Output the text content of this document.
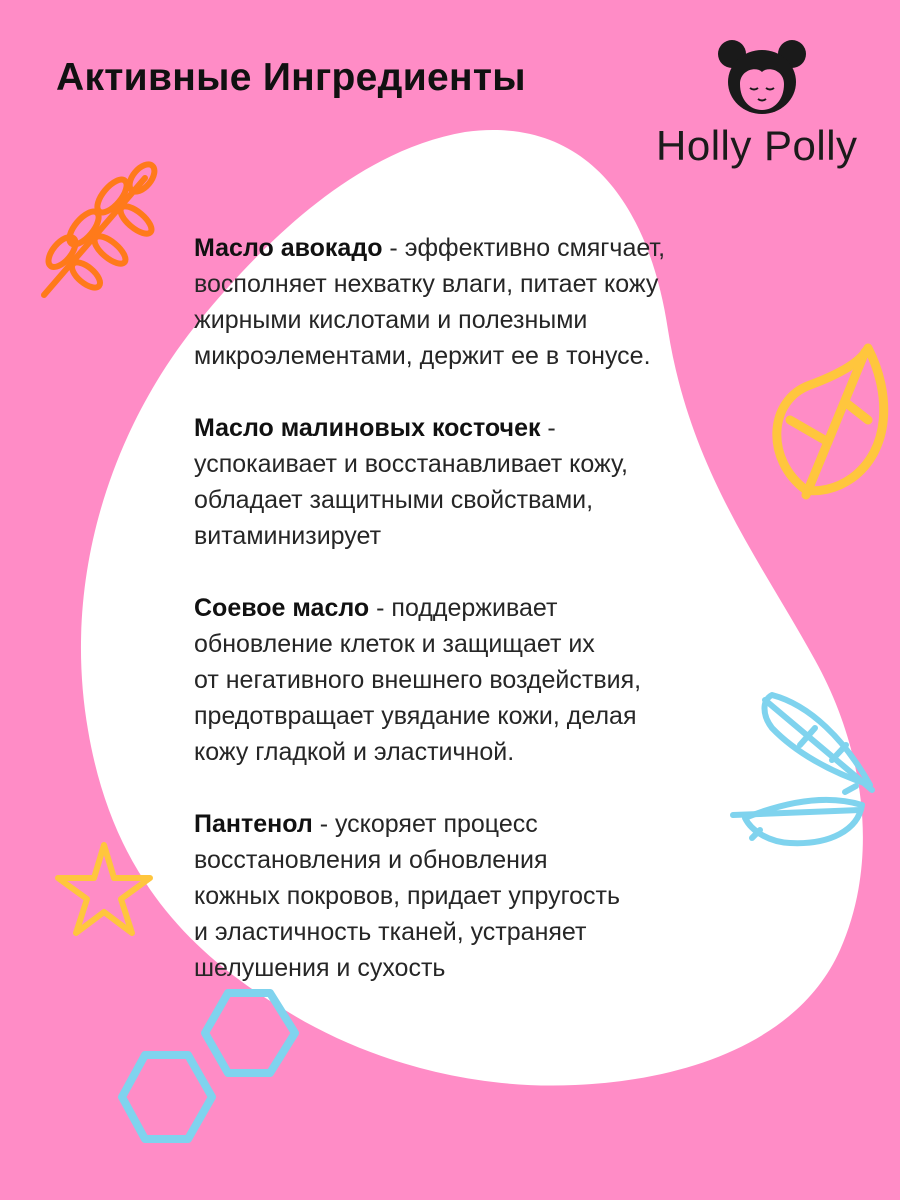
Активные Ингредиенты
Holly Polly

Масло авокадо - эффективно смягчает,
восполняет нехватку влаги, питает кожу
жирными кислотами и полезными
микроэлементами, держит ее в тонусе.

Масло малиновых косточек -
успокаивает и восстанавливает кожу,
обладает защитными свойствами,
витаминизирует

Соевое масло - поддерживает
обновление клеток и защищает их
от негативного внешнего воздействия,
предотвращает увядание кожи, делая
кожу гладкой и эластичной.

Пантенол - ускоряет процесс
восстановления и обновления
кожных покровов, придает упругость
и эластичность тканей, устраняет
шелушения и сухость
